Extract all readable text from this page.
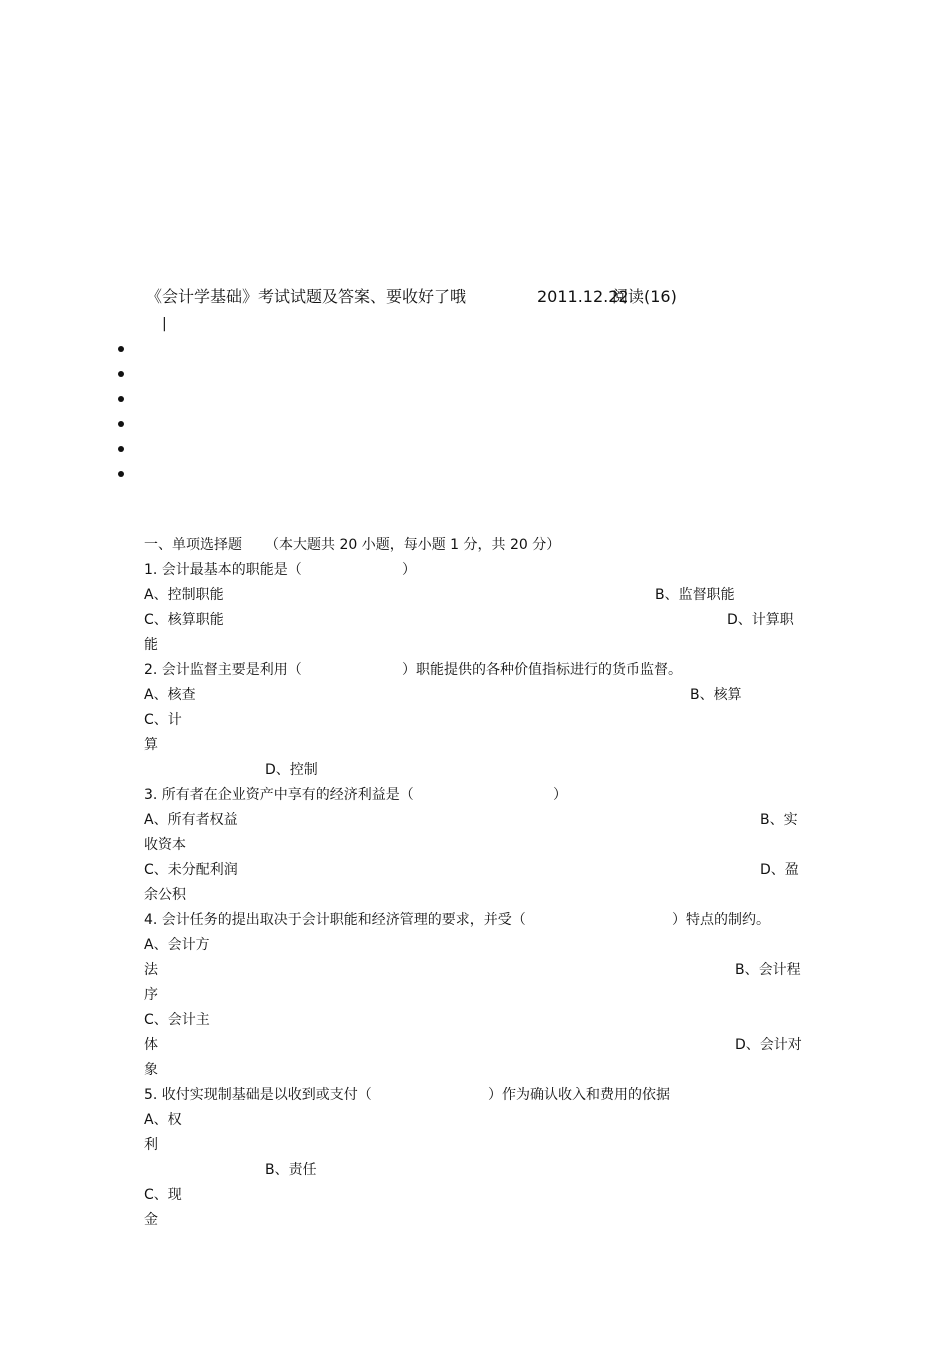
《会计学基础》考试试题及答案、要收好了哦	2011.12.22
阅读(16)
|
一、单项选择题 （本大题共 20 小题，每小题 1 分，共 20 分）
1. 会计最基本的职能是（	）
A、控制职能	B、监督职能
C、核算职能	D、计算职
能
2. 会计监督主要是利用（	）职能提供的各种价值指标进行的货币监督。
A、核查	B、核算
C、计
算
D、控制
3. 所有者在企业资产中享有的经济利益是（	）
A、所有者权益	B、实
收资本
C、未分配利润	D、盈
余公积
4. 会计任务的提出取决于会计职能和经济管理的要求，并受（	）特点的制约。
A、会计方
法	B、会计程
序
C、会计主
体	D、会计对
象
5. 收付实现制基础是以收到或支付（	）作为确认收入和费用的依据
A、权
利
B、责任
C、现
金
